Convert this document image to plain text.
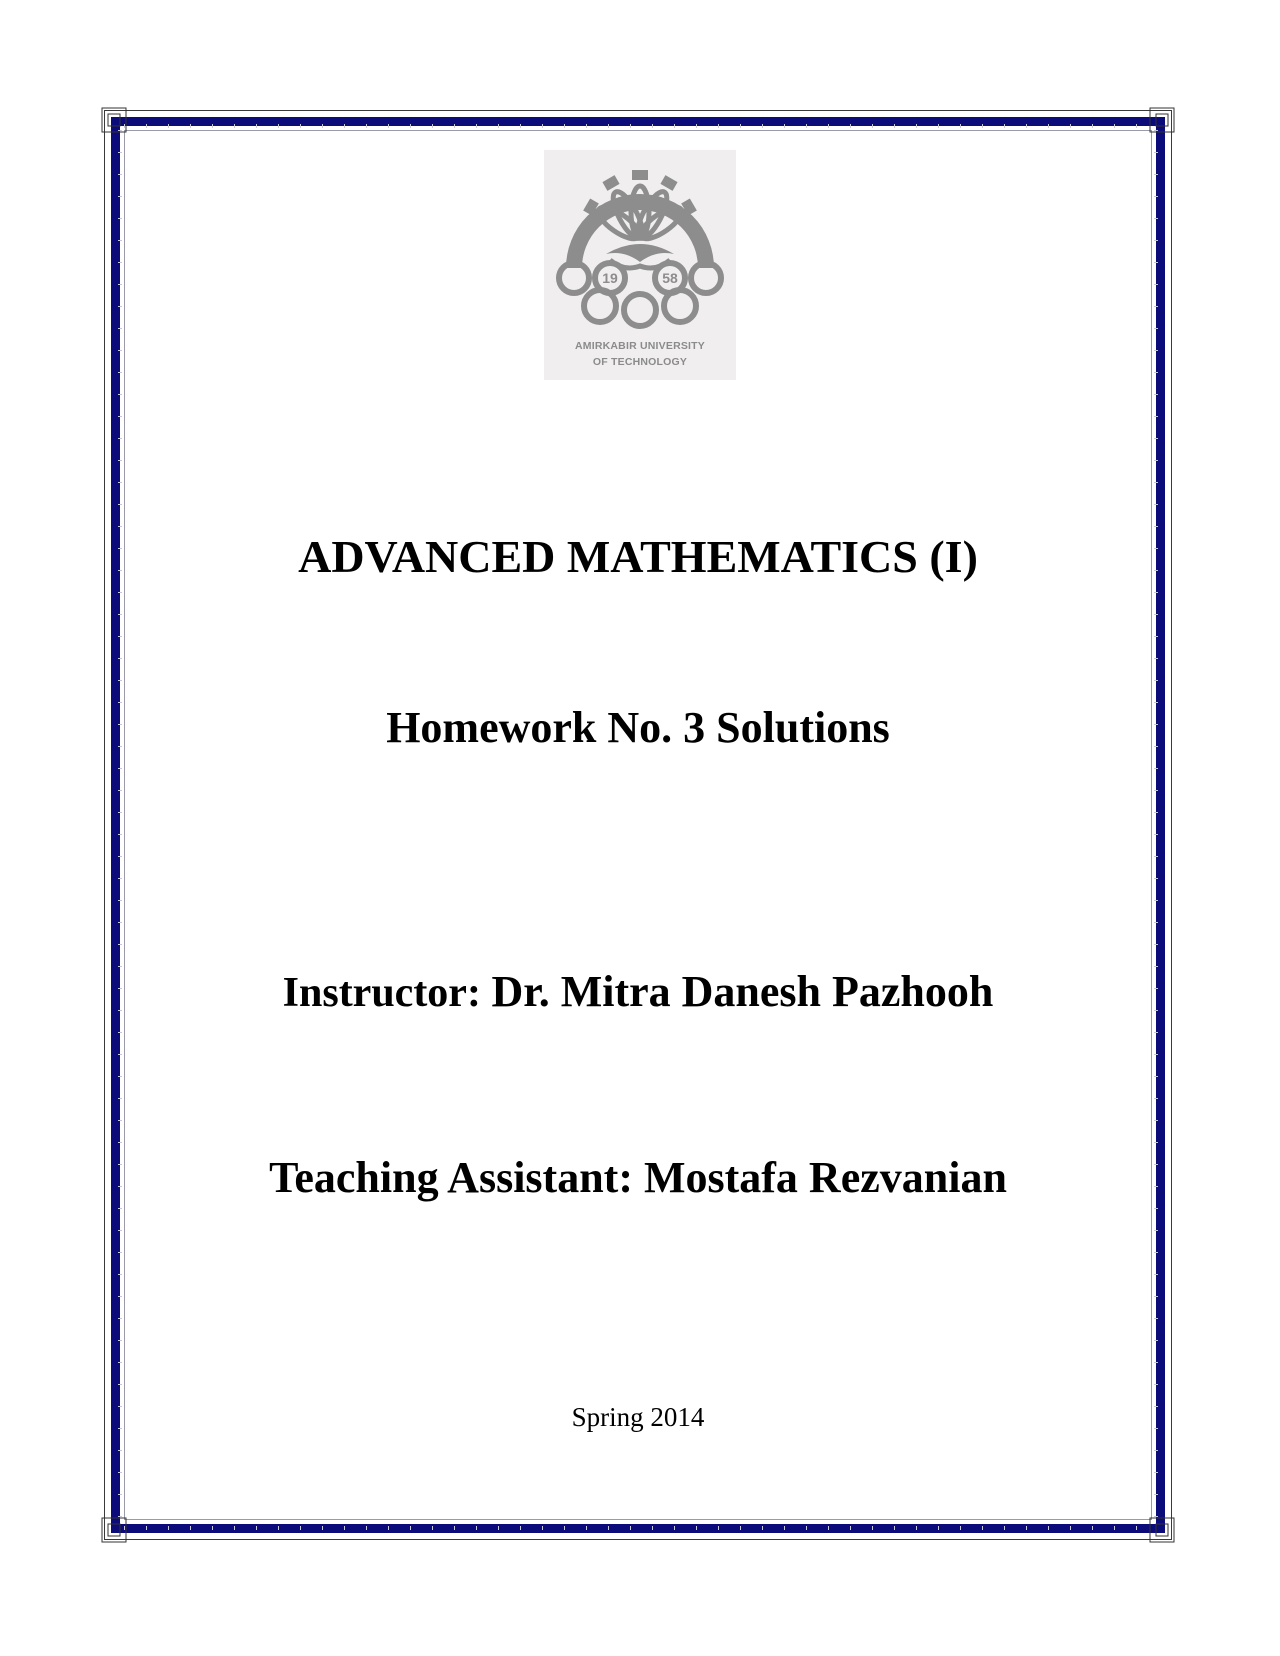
19	58
AMIRKABIR UNIVERSITY
OF TECHNOLOGY
ADVANCED MATHEMATICS (I)
Homework No. 3 Solutions
Instructor: Dr. Mitra Danesh Pazhooh
Teaching Assistant: Mostafa Rezvanian
Spring 2014
